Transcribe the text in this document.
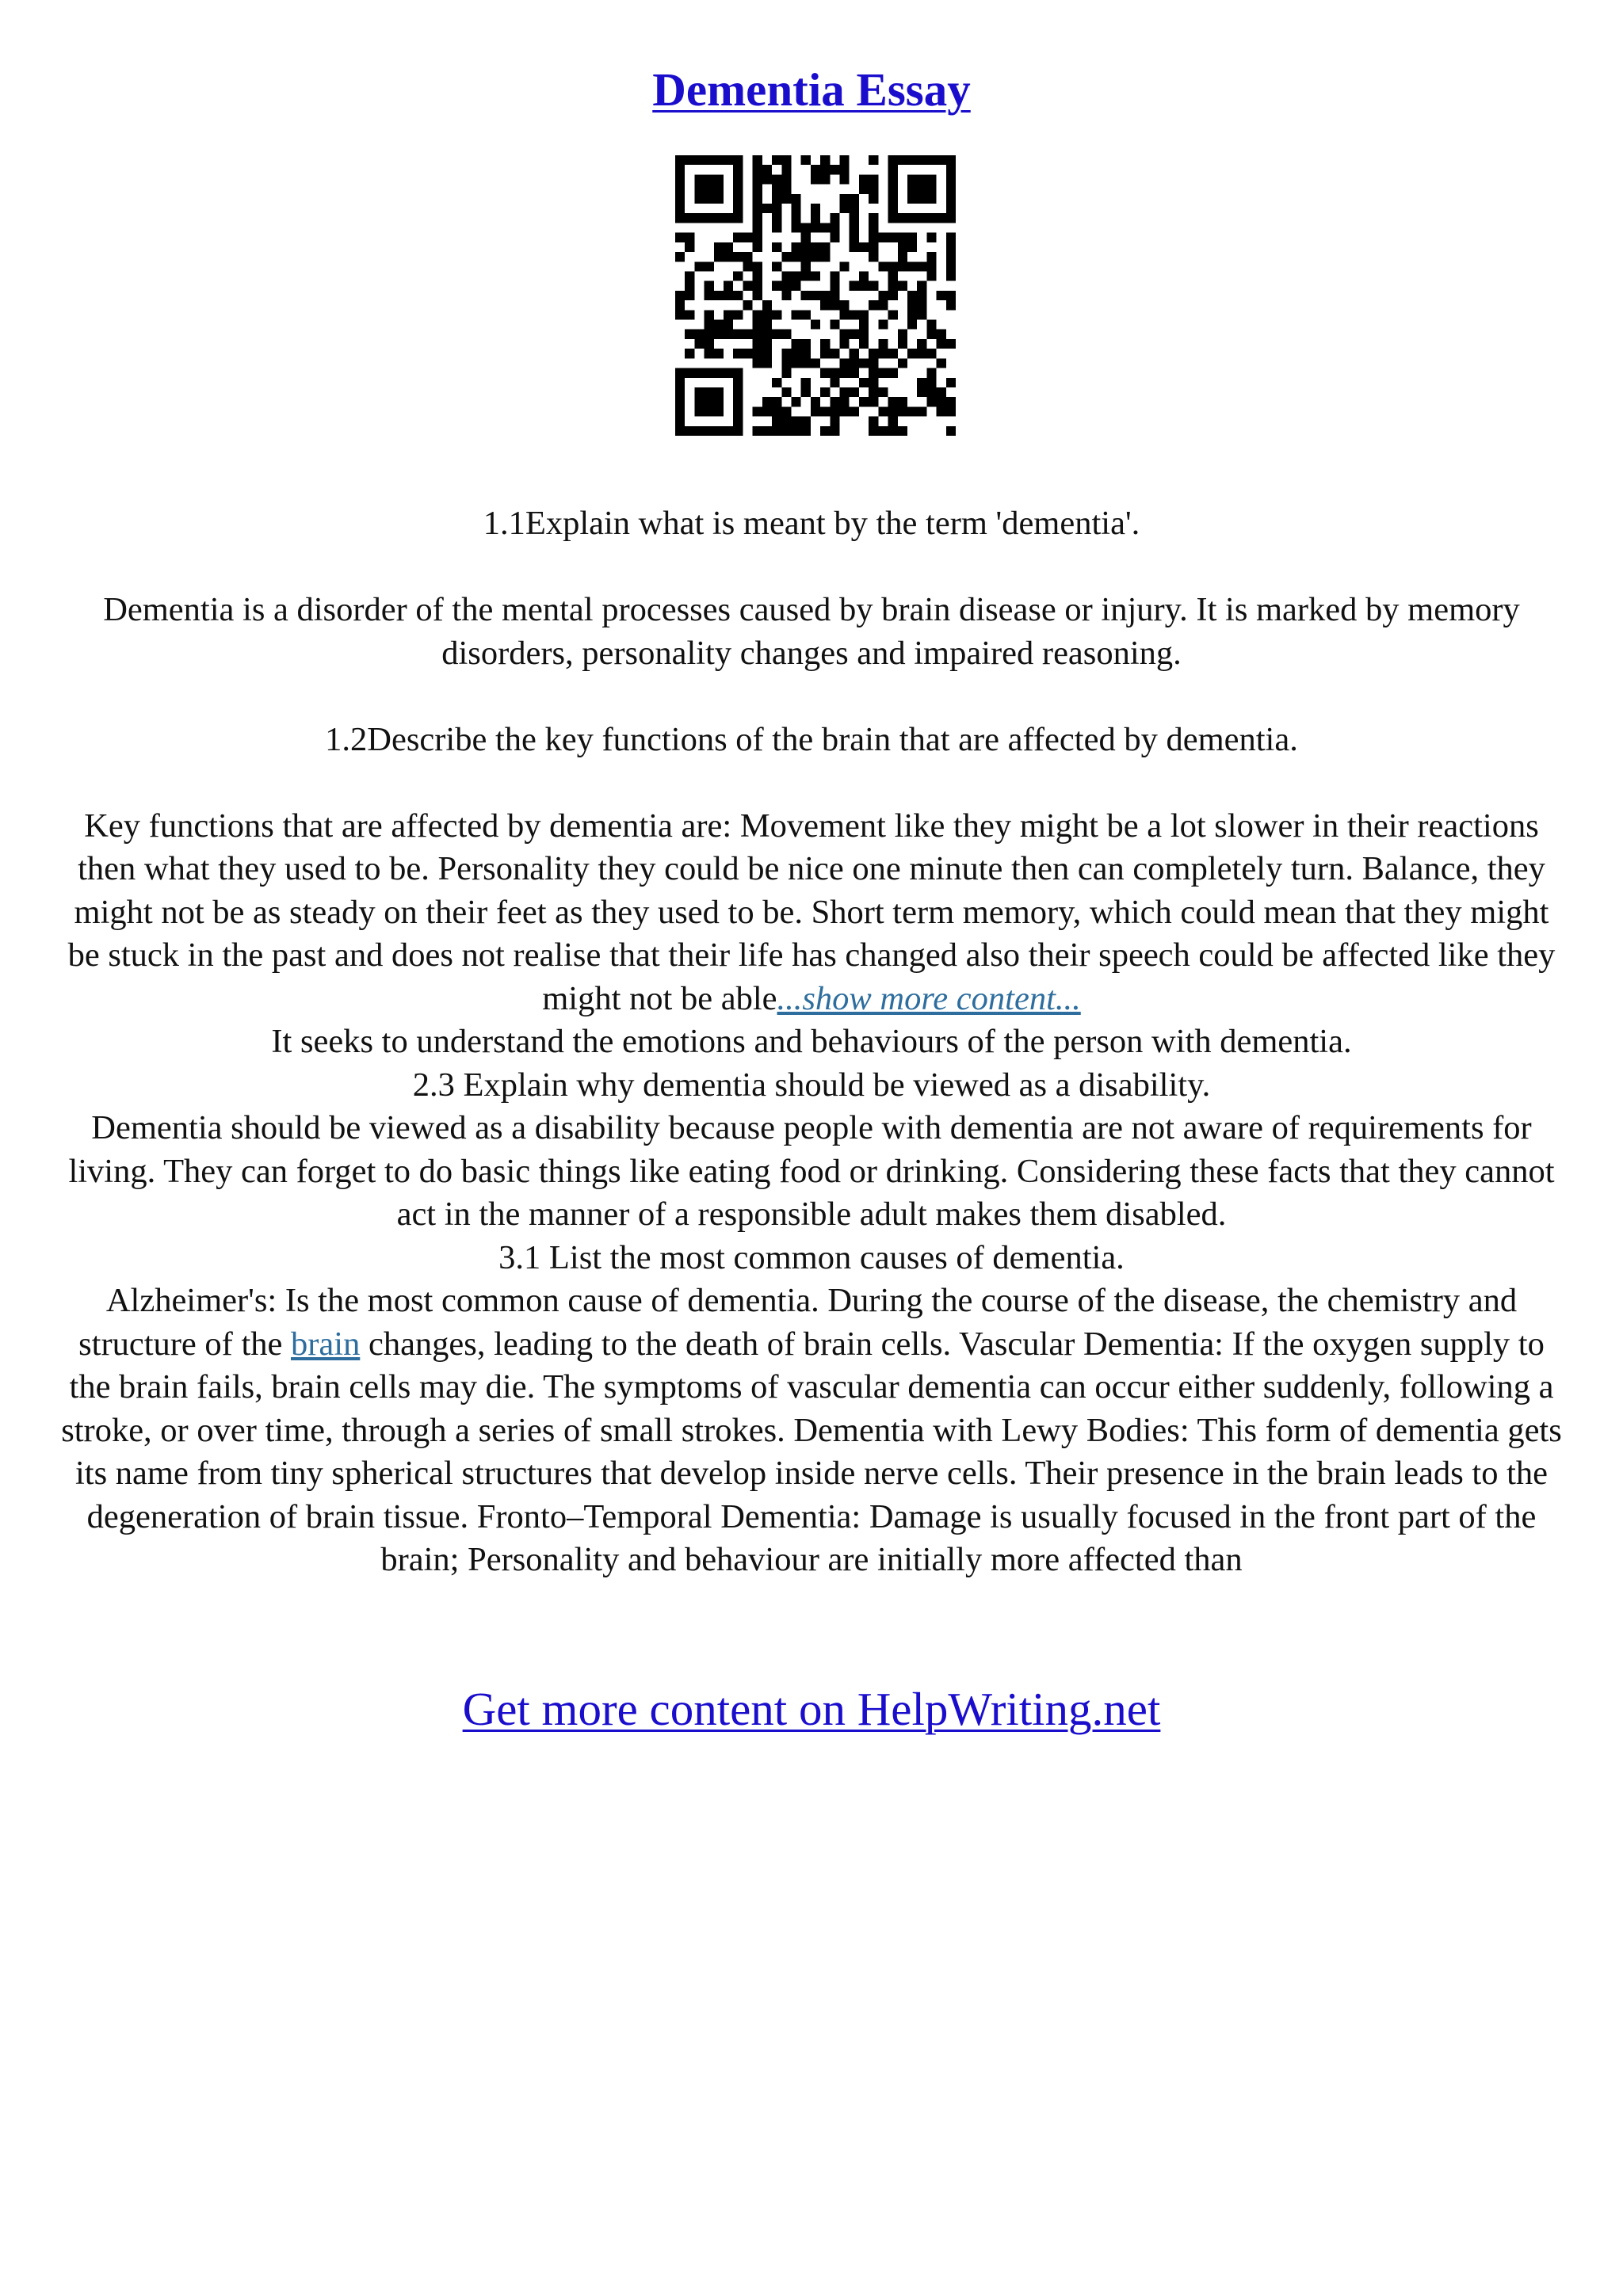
Dementia Essay

1.1Explain what is meant by the term 'dementia'.

Dementia is a disorder of the mental processes caused by brain disease or injury. It is marked by memory disorders, personality changes and impaired reasoning.

1.2Describe the key functions of the brain that are affected by dementia.

Key functions that are affected by dementia are: Movement like they might be a lot slower in their reactions then what they used to be. Personality they could be nice one minute then can completely turn. Balance, they might not be as steady on their feet as they used to be. Short term memory, which could mean that they might be stuck in the past and does not realise that their life has changed also their speech could be affected like they might not be able...show more content...

It seeks to understand the emotions and behaviours of the person with dementia.

2.3 Explain why dementia should be viewed as a disability.

Dementia should be viewed as a disability because people with dementia are not aware of requirements for living. They can forget to do basic things like eating food or drinking. Considering these facts that they cannot act in the manner of a responsible adult makes them disabled.

3.1 List the most common causes of dementia.

Alzheimer's: Is the most common cause of dementia. During the course of the disease, the chemistry and structure of the brain changes, leading to the death of brain cells. Vascular Dementia: If the oxygen supply to the brain fails, brain cells may die. The symptoms of vascular dementia can occur either suddenly, following a stroke, or over time, through a series of small strokes. Dementia with Lewy Bodies: This form of dementia gets its name from tiny spherical structures that develop inside nerve cells. Their presence in the brain leads to the degeneration of brain tissue. Fronto–Temporal Dementia: Damage is usually focused in the front part of the brain; Personality and behaviour are initially more affected than

Get more content on HelpWriting.net
